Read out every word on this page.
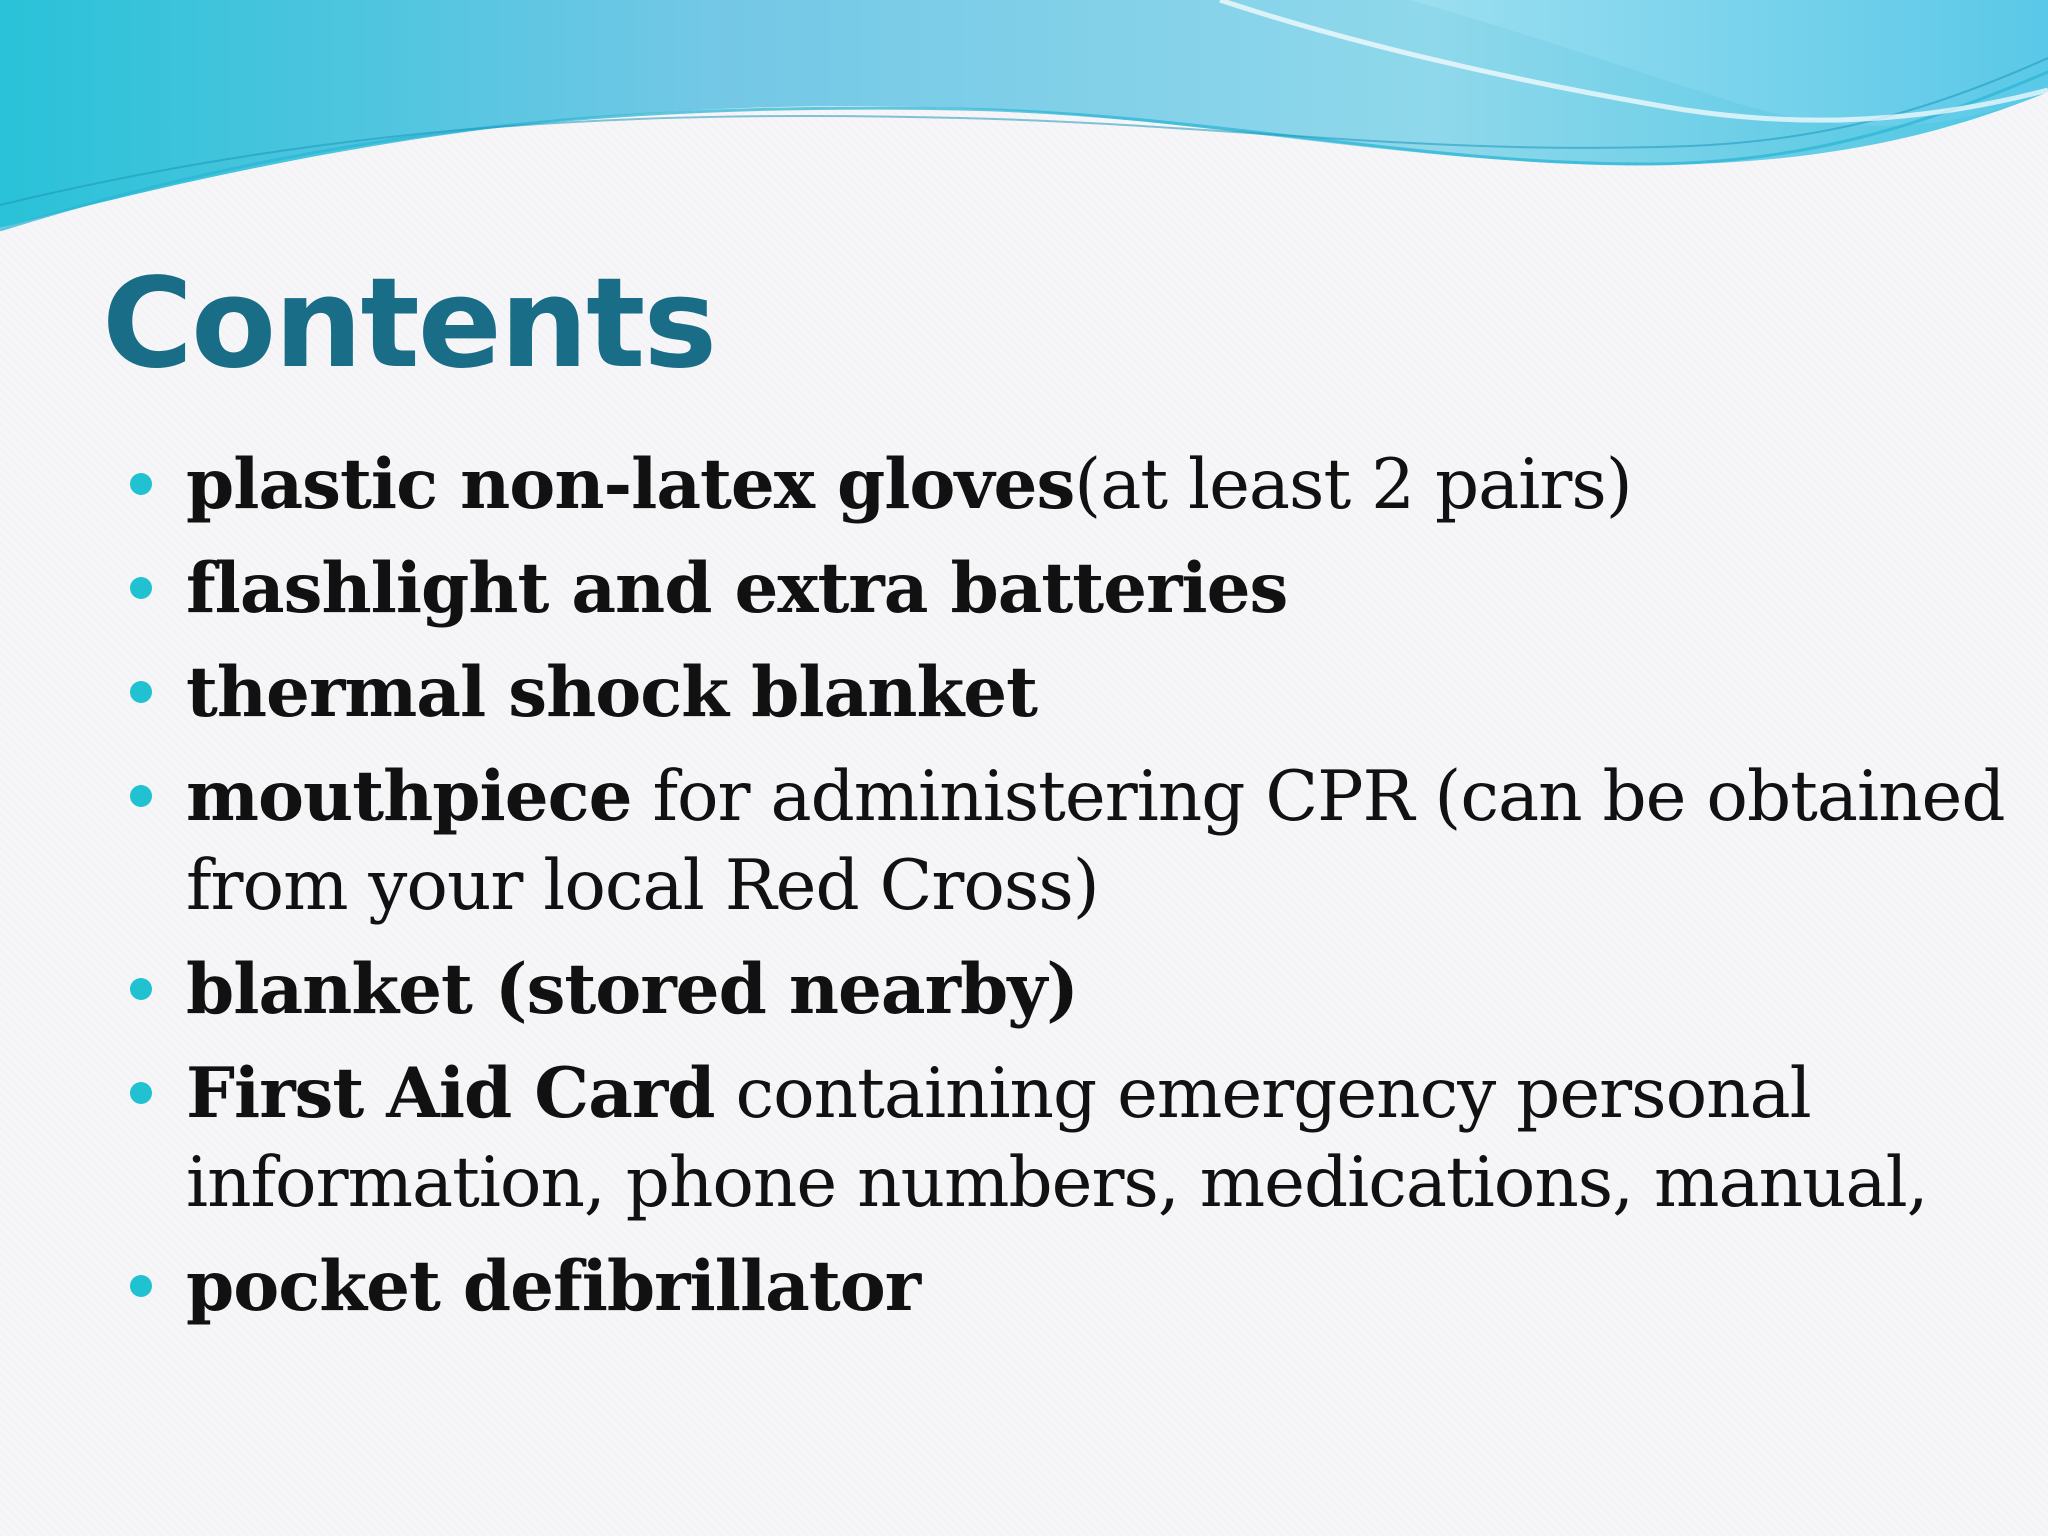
Contents
plastic non-latex gloves(at least 2 pairs)
flashlight and extra batteries
thermal shock blanket
mouthpiece for administering CPR (can be obtained from your local Red Cross)
blanket (stored nearby)
First Aid Card containing emergency personal information, phone numbers, medications, manual,
pocket defibrillator
